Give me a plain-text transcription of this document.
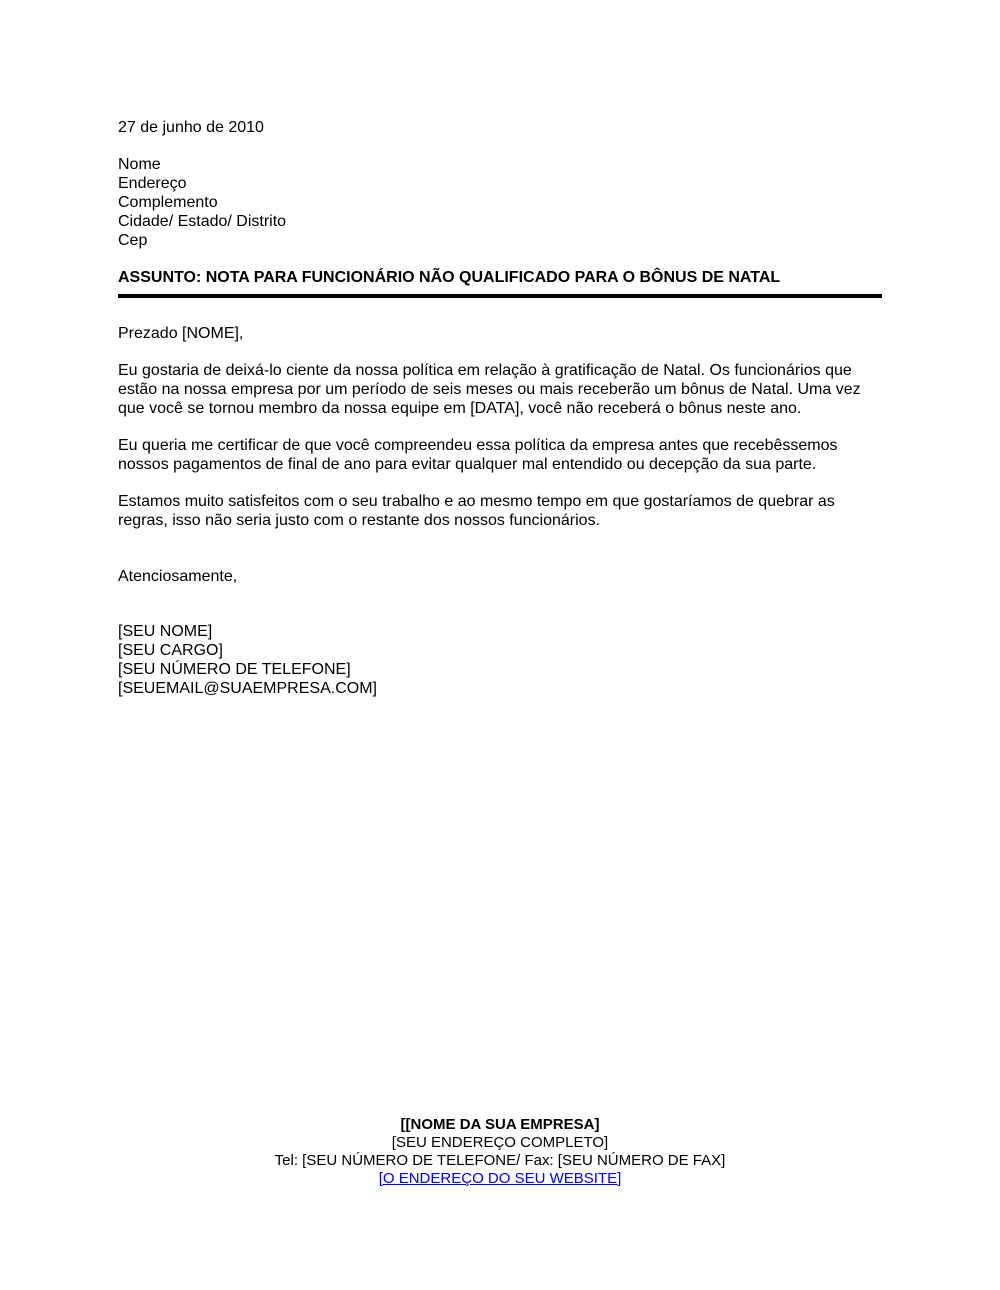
27 de junho de 2010
Nome
Endereço
Complemento
Cidade/ Estado/ Distrito
Cep
ASSUNTO: NOTA PARA FUNCIONÁRIO NÃO QUALIFICADO PARA O BÔNUS DE NATAL
Prezado [NOME],
Eu gostaria de deixá-lo ciente da nossa política em relação à gratificação de Natal. Os funcionários que estão na nossa empresa por um período de seis meses ou mais receberão um bônus de Natal. Uma vez que você se tornou membro da nossa equipe em [DATA], você não receberá o bônus neste ano.
Eu queria me certificar de que você compreendeu essa política da empresa antes que recebêssemos nossos pagamentos de final de ano para evitar qualquer mal entendido ou decepção da sua parte.
Estamos muito satisfeitos com o seu trabalho e ao mesmo tempo em que gostaríamos de quebrar as regras, isso não seria justo com o restante dos nossos funcionários.
Atenciosamente,
[SEU NOME]
[SEU CARGO]
[SEU NÚMERO DE TELEFONE]
[SEUEMAIL@SUAEMPRESA.COM]
[[NOME DA SUA EMPRESA]
[SEU ENDEREÇO COMPLETO]
Tel: [SEU NÚMERO DE TELEFONE/ Fax: [SEU NÚMERO DE FAX]
[O ENDEREÇO DO SEU WEBSITE]
